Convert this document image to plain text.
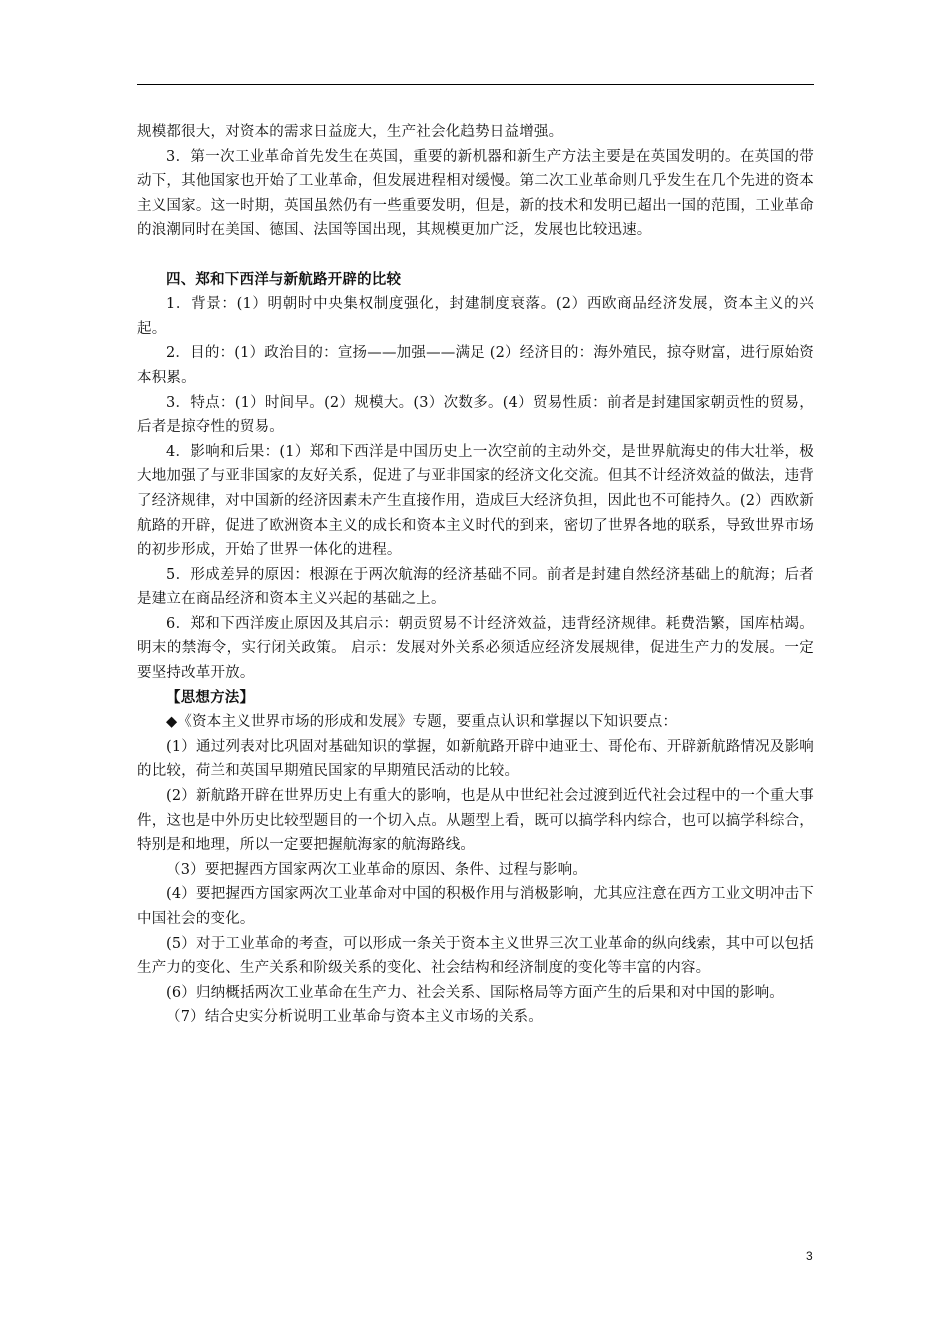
规模都很大，对资本的需求日益庞大，生产社会化趋势日益增强。

3．第一次工业革命首先发生在英国，重要的新机器和新生产方法主要是在英国发明的。在英国的带动下，其他国家也开始了工业革命，但发展进程相对缓慢。第二次工业革命则几乎发生在几个先进的资本主义国家。这一时期，英国虽然仍有一些重要发明，但是，新的技术和发明已超出一国的范围，工业革命的浪潮同时在美国、德国、法国等国出现，其规模更加广泛，发展也比较迅速。

四、郑和下西洋与新航路开辟的比较

1．背景：(1）明朝时中央集权制度强化，封建制度衰落。(2）西欧商品经济发展，资本主义的兴起。

2．目的：(1）政治目的：宣扬——加强——满足 (2）经济目的：海外殖民，掠夺财富，进行原始资本积累。

3．特点：(1）时间早。(2）规模大。(3）次数多。(4）贸易性质：前者是封建国家朝贡性的贸易，后者是掠夺性的贸易。

4．影响和后果：(1）郑和下西洋是中国历史上一次空前的主动外交，是世界航海史的伟大壮举，极大地加强了与亚非国家的友好关系，促进了与亚非国家的经济文化交流。但其不计经济效益的做法，违背了经济规律，对中国新的经济因素未产生直接作用，造成巨大经济负担，因此也不可能持久。(2）西欧新航路的开辟，促进了欧洲资本主义的成长和资本主义时代的到来，密切了世界各地的联系，导致世界市场的初步形成，开始了世界一体化的进程。

5．形成差异的原因：根源在于两次航海的经济基础不同。前者是封建自然经济基础上的航海；后者是建立在商品经济和资本主义兴起的基础之上。

6．郑和下西洋废止原因及其启示：朝贡贸易不计经济效益，违背经济规律。耗费浩繁，国库枯竭。明末的禁海令，实行闭关政策。 启示：发展对外关系必须适应经济发展规律，促进生产力的发展。一定要坚持改革开放。

【思想方法】

◆《资本主义世界市场的形成和发展》专题，要重点认识和掌握以下知识要点：

(1）通过列表对比巩固对基础知识的掌握，如新航路开辟中迪亚士、哥伦布、开辟新航路情况及影响的比较，荷兰和英国早期殖民国家的早期殖民活动的比较。

(2）新航路开辟在世界历史上有重大的影响，也是从中世纪社会过渡到近代社会过程中的一个重大事件，这也是中外历史比较型题目的一个切入点。从题型上看，既可以搞学科内综合，也可以搞学科综合，特别是和地理，所以一定要把握航海家的航海路线。

（3）要把握西方国家两次工业革命的原因、条件、过程与影响。

(4）要把握西方国家两次工业革命对中国的积极作用与消极影响，尤其应注意在西方工业文明冲击下中国社会的变化。

(5）对于工业革命的考查，可以形成一条关于资本主义世界三次工业革命的纵向线索，其中可以包括生产力的变化、生产关系和阶级关系的变化、社会结构和经济制度的变化等丰富的内容。

(6）归纳概括两次工业革命在生产力、社会关系、国际格局等方面产生的后果和对中国的影响。

（7）结合史实分析说明工业革命与资本主义市场的关系。

3
